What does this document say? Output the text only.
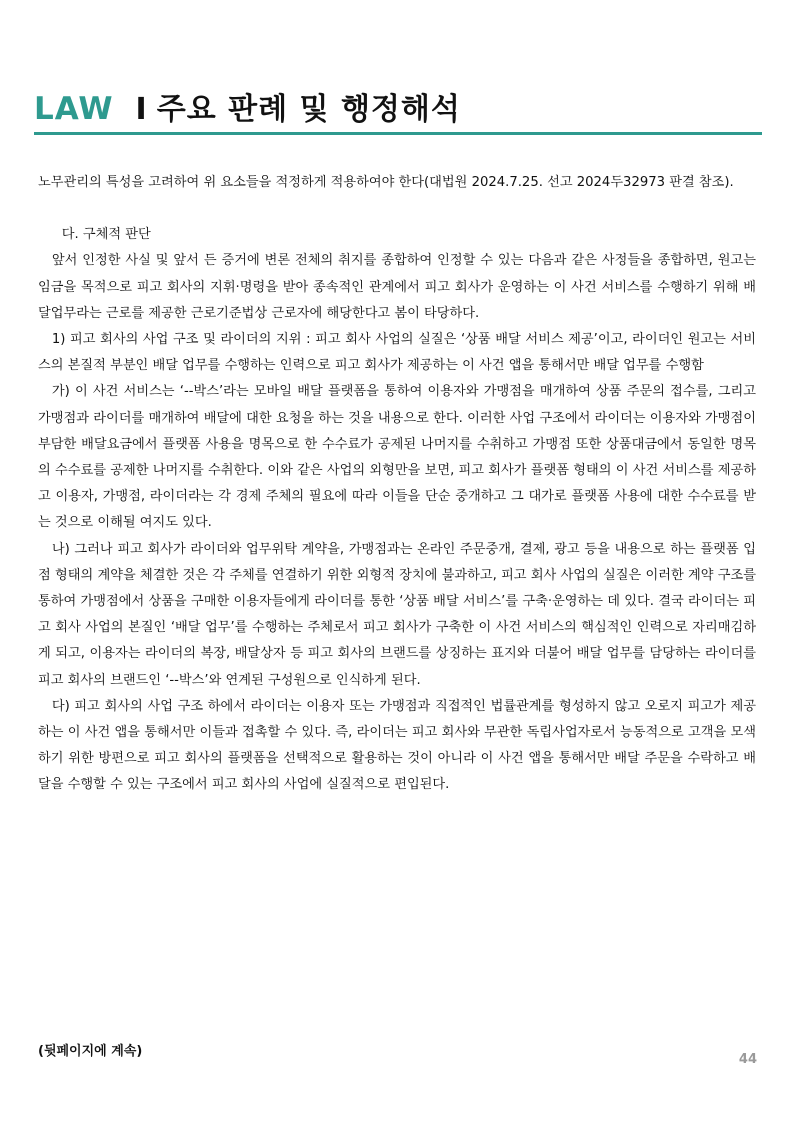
LAW I 주요 판례 및 행정해석

노무관리의 특성을 고려하여 위 요소들을 적정하게 적용하여야 한다(대법원 2024.7.25. 선고 2024두32973 판결 참조).

다. 구체적 판단

앞서 인정한 사실 및 앞서 든 증거에 변론 전체의 취지를 종합하여 인정할 수 있는 다음과 같은 사정들을 종합하면, 원고는 임금을 목적으로 피고 회사의 지휘·명령을 받아 종속적인 관계에서 피고 회사가 운영하는 이 사건 서비스를 수행하기 위해 배달업무라는 근로를 제공한 근로기준법상 근로자에 해당한다고 봄이 타당하다.

1) 피고 회사의 사업 구조 및 라이더의 지위 : 피고 회사 사업의 실질은 ‘상품 배달 서비스 제공’이고, 라이더인 원고는 서비스의 본질적 부분인 배달 업무를 수행하는 인력으로 피고 회사가 제공하는 이 사건 앱을 통해서만 배달 업무를 수행함

가) 이 사건 서비스는 ‘--박스’라는 모바일 배달 플랫폼을 통하여 이용자와 가맹점을 매개하여 상품 주문의 접수를, 그리고 가맹점과 라이더를 매개하여 배달에 대한 요청을 하는 것을 내용으로 한다. 이러한 사업 구조에서 라이더는 이용자와 가맹점이 부담한 배달요금에서 플랫폼 사용을 명목으로 한 수수료가 공제된 나머지를 수취하고 가맹점 또한 상품대금에서 동일한 명목의 수수료를 공제한 나머지를 수취한다. 이와 같은 사업의 외형만을 보면, 피고 회사가 플랫폼 형태의 이 사건 서비스를 제공하고 이용자, 가맹점, 라이더라는 각 경제 주체의 필요에 따라 이들을 단순 중개하고 그 대가로 플랫폼 사용에 대한 수수료를 받는 것으로 이해될 여지도 있다.

나) 그러나 피고 회사가 라이더와 업무위탁 계약을, 가맹점과는 온라인 주문중개, 결제, 광고 등을 내용으로 하는 플랫폼 입점 형태의 계약을 체결한 것은 각 주체를 연결하기 위한 외형적 장치에 불과하고, 피고 회사 사업의 실질은 이러한 계약 구조를 통하여 가맹점에서 상품을 구매한 이용자들에게 라이더를 통한 ‘상품 배달 서비스’를 구축·운영하는 데 있다. 결국 라이더는 피고 회사 사업의 본질인 ‘배달 업무’를 수행하는 주체로서 피고 회사가 구축한 이 사건 서비스의 핵심적인 인력으로 자리매김하게 되고, 이용자는 라이더의 복장, 배달상자 등 피고 회사의 브랜드를 상징하는 표지와 더불어 배달 업무를 담당하는 라이더를 피고 회사의 브랜드인 ‘--박스’와 연계된 구성원으로 인식하게 된다.

다) 피고 회사의 사업 구조 하에서 라이더는 이용자 또는 가맹점과 직접적인 법률관계를 형성하지 않고 오로지 피고가 제공하는 이 사건 앱을 통해서만 이들과 접촉할 수 있다. 즉, 라이더는 피고 회사와 무관한 독립사업자로서 능동적으로 고객을 모색하기 위한 방편으로 피고 회사의 플랫폼을 선택적으로 활용하는 것이 아니라 이 사건 앱을 통해서만 배달 주문을 수락하고 배달을 수행할 수 있는 구조에서 피고 회사의 사업에 실질적으로 편입된다.

(뒷페이지에 계속)
44
